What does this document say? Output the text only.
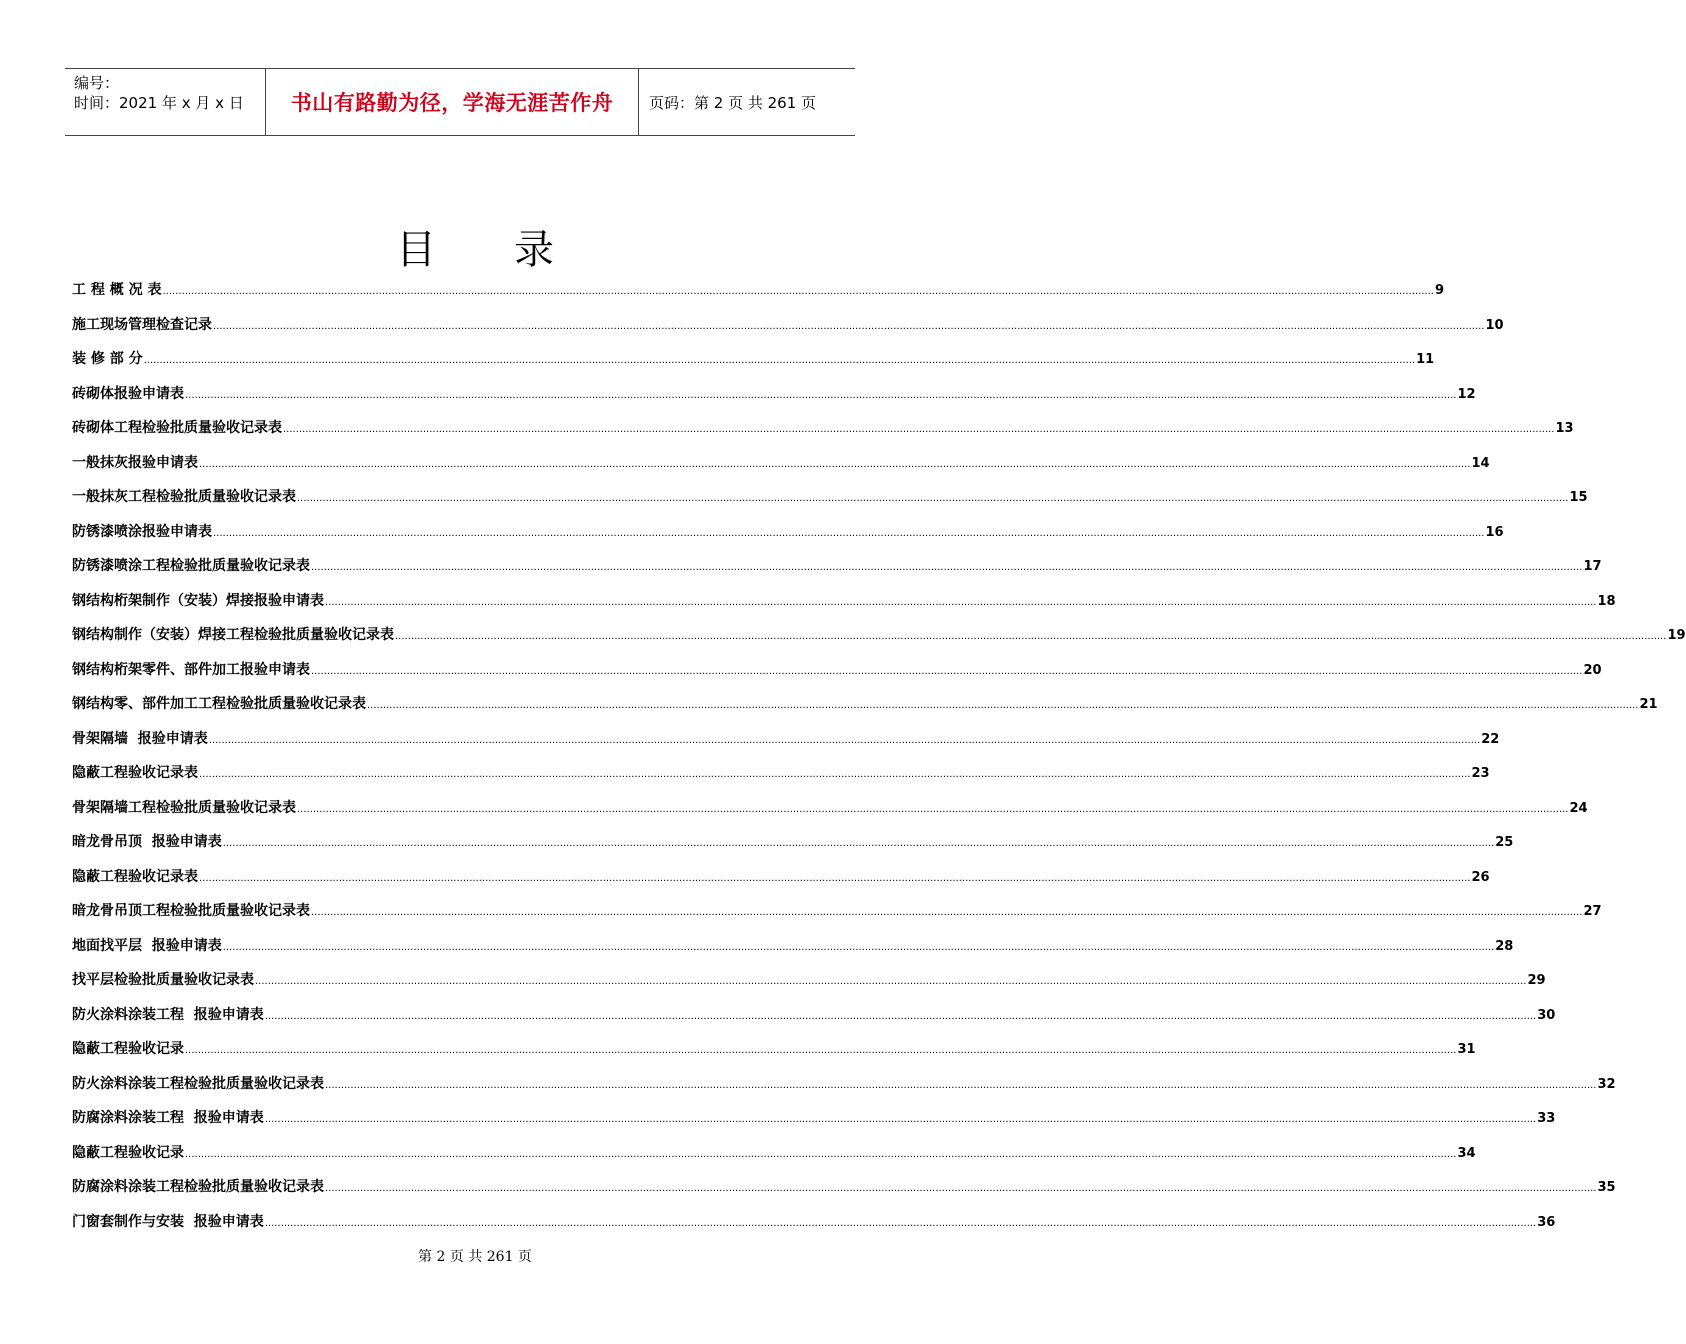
编号：
时间：2021 年 x 月 x 日	书山有路勤为径，学海无涯苦作舟 页码：第 2 页 共 261 页
目录
工 程 概 况 表 ................................................................................................................................................................................................................................................................................................................................................................................................................ 9
施工现场管理检查记录 ................................................................................................................................................................................................................................................................................................................................................................................................................ 10
装 修 部 分 ................................................................................................................................................................................................................................................................................................................................................................................................................ 11
砖砌体报验申请表 ................................................................................................................................................................................................................................................................................................................................................................................................................ 12
砖砌体工程检验批质量验收记录表 ................................................................................................................................................................................................................................................................................................................................................................................................................ 13
一般抹灰报验申请表 ................................................................................................................................................................................................................................................................................................................................................................................................................ 14
一般抹灰工程检验批质量验收记录表 ................................................................................................................................................................................................................................................................................................................................................................................................................ 15
防锈漆喷涂报验申请表 ................................................................................................................................................................................................................................................................................................................................................................................................................ 16
防锈漆喷涂工程检验批质量验收记录表 ................................................................................................................................................................................................................................................................................................................................................................................................................ 17
钢结构桁架制作（安装）焊接报验申请表 ................................................................................................................................................................................................................................................................................................................................................................................................................ 18
钢结构制作（安装）焊接工程检验批质量验收记录表 ................................................................................................................................................................................................................................................................................................................................................................................................................ 19
钢结构桁架零件、部件加工报验申请表 ................................................................................................................................................................................................................................................................................................................................................................................................................ 20
钢结构零、部件加工工程检验批质量验收记录表 ................................................................................................................................................................................................................................................................................................................................................................................................................ 21
骨架隔墙  报验申请表 ................................................................................................................................................................................................................................................................................................................................................................................................................ 22
隐蔽工程验收记录表 ................................................................................................................................................................................................................................................................................................................................................................................................................ 23
骨架隔墙工程检验批质量验收记录表 ................................................................................................................................................................................................................................................................................................................................................................................................................ 24
暗龙骨吊顶  报验申请表 ................................................................................................................................................................................................................................................................................................................................................................................................................ 25
隐蔽工程验收记录表 ................................................................................................................................................................................................................................................................................................................................................................................................................ 26
暗龙骨吊顶工程检验批质量验收记录表 ................................................................................................................................................................................................................................................................................................................................................................................................................ 27
地面找平层  报验申请表 ................................................................................................................................................................................................................................................................................................................................................................................................................ 28
找平层检验批质量验收记录表 ................................................................................................................................................................................................................................................................................................................................................................................................................ 29
防火涂料涂装工程  报验申请表 ................................................................................................................................................................................................................................................................................................................................................................................................................ 30
隐蔽工程验收记录 ................................................................................................................................................................................................................................................................................................................................................................................................................ 31
防火涂料涂装工程检验批质量验收记录表 ................................................................................................................................................................................................................................................................................................................................................................................................................ 32
防腐涂料涂装工程  报验申请表 ................................................................................................................................................................................................................................................................................................................................................................................................................ 33
隐蔽工程验收记录 ................................................................................................................................................................................................................................................................................................................................................................................................................ 34
防腐涂料涂装工程检验批质量验收记录表 ................................................................................................................................................................................................................................................................................................................................................................................................................ 35
门窗套制作与安装  报验申请表 ................................................................................................................................................................................................................................................................................................................................................................................................................ 36
第 2 页 共 261 页
